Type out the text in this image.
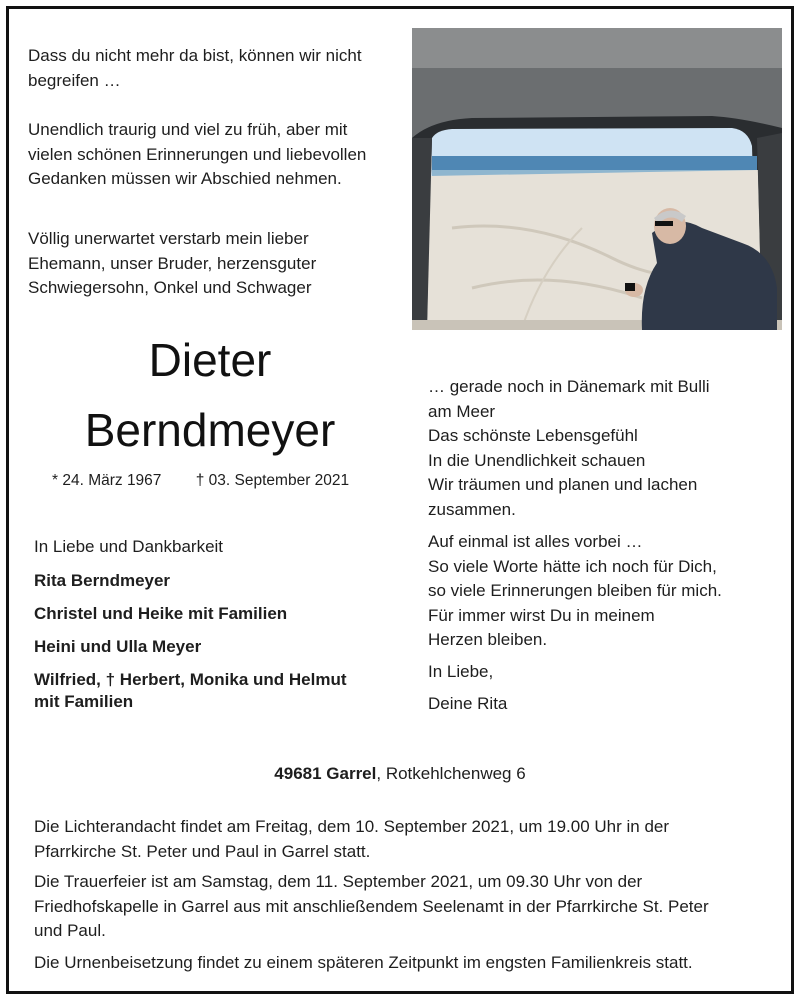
Dass du nicht mehr da bist, können wir nicht
begreifen …

Unendlich traurig und viel zu früh, aber mit
vielen schönen Erinnerungen und liebevollen
Gedanken müssen wir Abschied nehmen.

Völlig unerwartet verstarb mein lieber
Ehemann, unser Bruder, herzensguter
Schwiegersohn, Onkel und Schwager

Dieter
Berndmeyer
* 24. März 1967 † 03. September 2021

… gerade noch in Dänemark mit Bulli
am Meer
Das schönste Lebensgefühl
In die Unendlichkeit schauen
Wir träumen und planen und lachen
zusammen.

Auf einmal ist alles vorbei …
So viele Worte hätte ich noch für Dich,
so viele Erinnerungen bleiben für mich.
Für immer wirst Du in meinem
Herzen bleiben.

In Liebe,

Deine Rita

In Liebe und Dankbarkeit

Rita Berndmeyer

Christel und Heike mit Familien

Heini und Ulla Meyer

Wilfried, † Herbert, Monika und Helmut
mit Familien

49681 Garrel, Rotkehlchenweg 6

Die Lichterandacht findet am Freitag, dem 10. September 2021, um 19.00 Uhr in der
Pfarrkirche St. Peter und Paul in Garrel statt.

Die Trauerfeier ist am Samstag, dem 11. September 2021, um 09.30 Uhr von der
Friedhofskapelle in Garrel aus mit anschließendem Seelenamt in der Pfarrkirche St. Peter
und Paul.

Die Urnenbeisetzung findet zu einem späteren Zeitpunkt im engsten Familienkreis statt.
